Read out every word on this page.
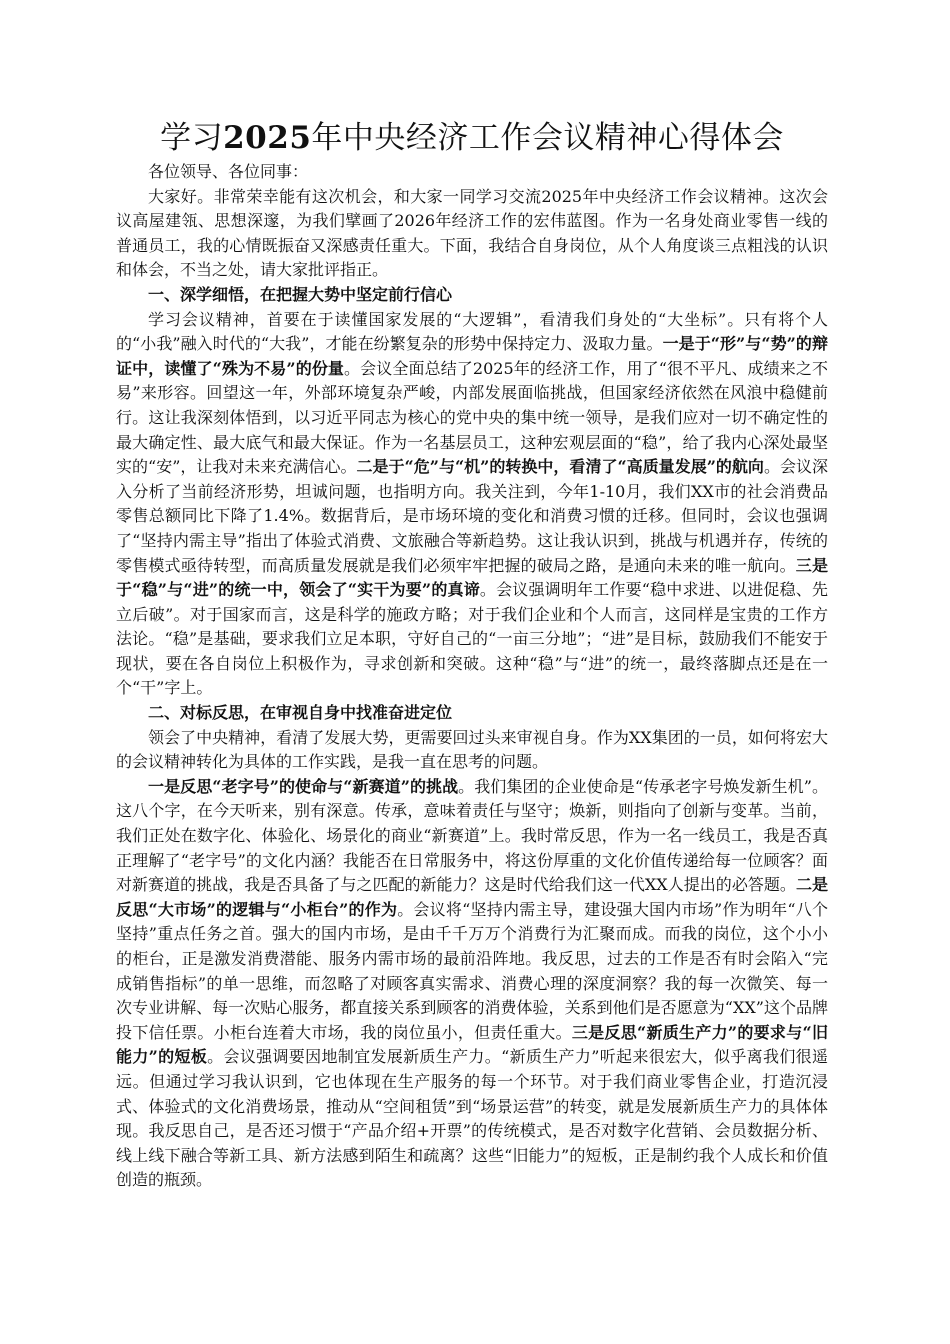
学习2025年中央经济工作会议精神心得体会

各位领导、各位同事：

大家好。非常荣幸能有这次机会，和大家一同学习交流2025年中央经济工作会议精神。这次会议高屋建瓴、思想深邃，为我们擘画了2026年经济工作的宏伟蓝图。作为一名身处商业零售一线的普通员工，我的心情既振奋又深感责任重大。下面，我结合自身岗位，从个人角度谈三点粗浅的认识和体会，不当之处，请大家批评指正。

一、深学细悟，在把握大势中坚定前行信心

学习会议精神，首要在于读懂国家发展的“大逻辑”，看清我们身处的“大坐标”。只有将个人的“小我”融入时代的“大我”，才能在纷繁复杂的形势中保持定力、汲取力量。一是于“形”与“势”的辩证中，读懂了“殊为不易”的份量。会议全面总结了2025年的经济工作，用了“很不平凡、成绩来之不易”来形容。回望这一年，外部环境复杂严峻，内部发展面临挑战，但国家经济依然在风浪中稳健前行。这让我深刻体悟到，以习近平同志为核心的党中央的集中统一领导，是我们应对一切不确定性的最大确定性、最大底气和最大保证。作为一名基层员工，这种宏观层面的“稳”，给了我内心深处最坚实的“安”，让我对未来充满信心。二是于“危”与“机”的转换中，看清了“高质量发展”的航向。会议深入分析了当前经济形势，坦诚问题，也指明方向。我关注到，今年1-10月，我们XX市的社会消费品零售总额同比下降了1.4%。数据背后，是市场环境的变化和消费习惯的迁移。但同时，会议也强调了“坚持内需主导”指出了体验式消费、文旅融合等新趋势。这让我认识到，挑战与机遇并存，传统的零售模式亟待转型，而高质量发展就是我们必须牢牢把握的破局之路，是通向未来的唯一航向。三是于“稳”与“进”的统一中，领会了“实干为要”的真谛。会议强调明年工作要“稳中求进、以进促稳、先立后破”。对于国家而言，这是科学的施政方略；对于我们企业和个人而言，这同样是宝贵的工作方法论。“稳”是基础，要求我们立足本职，守好自己的“一亩三分地”；“进”是目标，鼓励我们不能安于现状，要在各自岗位上积极作为，寻求创新和突破。这种“稳”与“进”的统一，最终落脚点还是在一个“干”字上。

二、对标反思，在审视自身中找准奋进定位

领会了中央精神，看清了发展大势，更需要回过头来审视自身。作为XX集团的一员，如何将宏大的会议精神转化为具体的工作实践，是我一直在思考的问题。

一是反思“老字号”的使命与“新赛道”的挑战。我们集团的企业使命是“传承老字号焕发新生机”。这八个字，在今天听来，别有深意。传承，意味着责任与坚守；焕新，则指向了创新与变革。当前，我们正处在数字化、体验化、场景化的商业“新赛道”上。我时常反思，作为一名一线员工，我是否真正理解了“老字号”的文化内涵？我能否在日常服务中，将这份厚重的文化价值传递给每一位顾客？面对新赛道的挑战，我是否具备了与之匹配的新能力？这是时代给我们这一代XX人提出的必答题。二是反思“大市场”的逻辑与“小柜台”的作为。会议将“坚持内需主导，建设强大国内市场”作为明年“八个坚持”重点任务之首。强大的国内市场，是由千千万万个消费行为汇聚而成。而我的岗位，这个小小的柜台，正是激发消费潜能、服务内需市场的最前沿阵地。我反思，过去的工作是否有时会陷入“完成销售指标”的单一思维，而忽略了对顾客真实需求、消费心理的深度洞察？我的每一次微笑、每一次专业讲解、每一次贴心服务，都直接关系到顾客的消费体验，关系到他们是否愿意为“XX”这个品牌投下信任票。小柜台连着大市场，我的岗位虽小，但责任重大。三是反思“新质生产力”的要求与“旧能力”的短板。会议强调要因地制宜发展新质生产力。“新质生产力”听起来很宏大，似乎离我们很遥远。但通过学习我认识到，它也体现在生产服务的每一个环节。对于我们商业零售企业，打造沉浸式、体验式的文化消费场景，推动从“空间租赁”到“场景运营”的转变，就是发展新质生产力的具体体现。我反思自己，是否还习惯于“产品介绍+开票”的传统模式，是否对数字化营销、会员数据分析、线上线下融合等新工具、新方法感到陌生和疏离？这些“旧能力”的短板，正是制约我个人成长和价值创造的瓶颈。
